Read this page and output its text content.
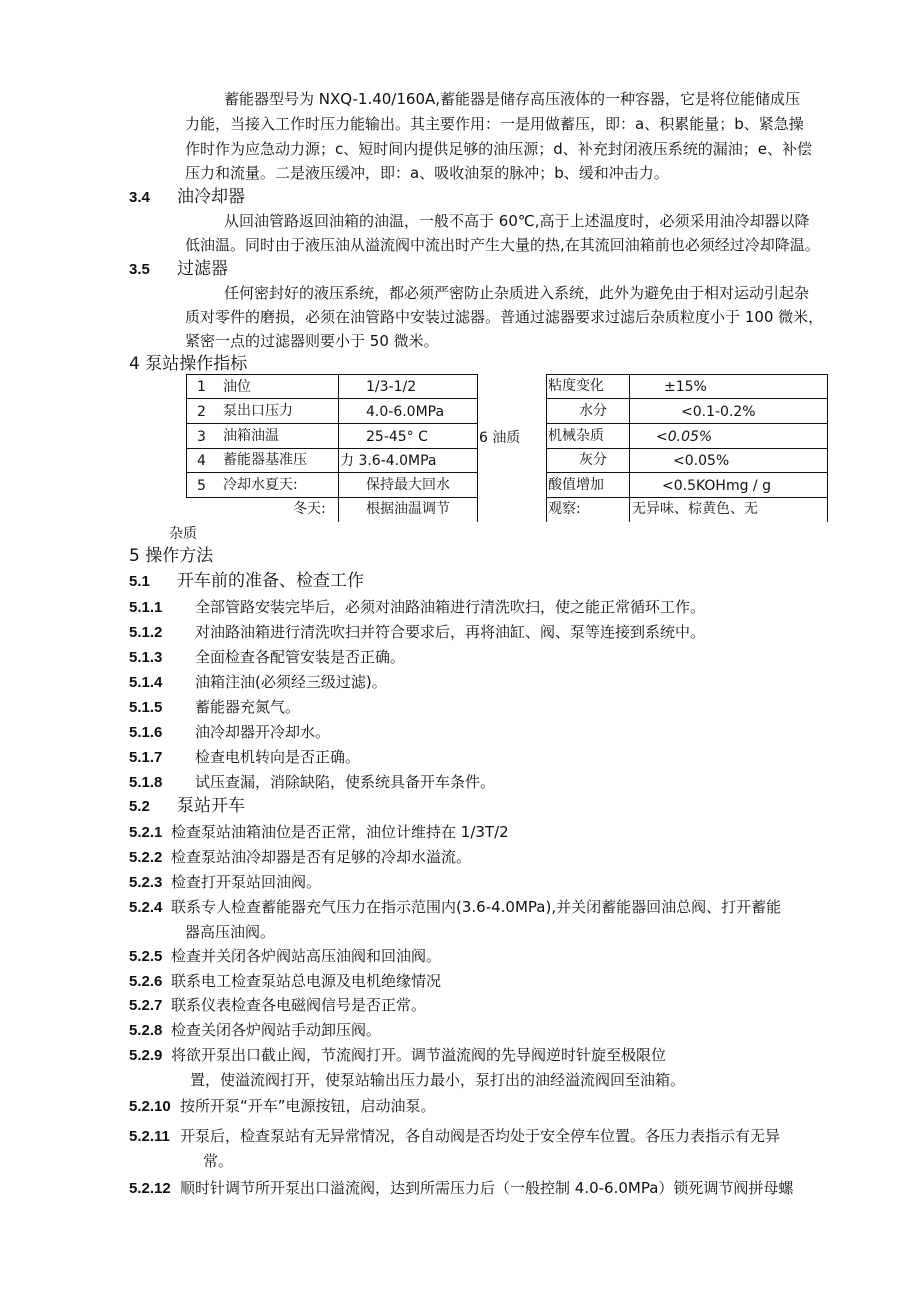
蓄能器型号为 NXQ-1.40/160A,蓄能器是储存高压液体的一种容器，它是将位能储成压
力能，当接入工作时压力能输出。其主要作用：一是用做蓄压，即：a、积累能量；b、紧急操
作时作为应急动力源；c、短时间内提供足够的油压源；d、补充封闭液压系统的漏油；e、补偿
压力和流量。二是液压缓冲，即：a、吸收油泵的脉冲；b、缓和冲击力。
3.4 油冷却器
从回油管路返回油箱的油温，一般不高于 60℃,高于上述温度时，必须采用油冷却器以降
低油温。同时由于液压油从溢流阀中流出时产生大量的热,在其流回油箱前也必须经过冷却降温。
3.5 过滤器
任何密封好的液压系统，都必须严密防止杂质进入系统，此外为避免由于相对运动引起杂
质对零件的磨损，必须在油管路中安装过滤器。普通过滤器要求过滤后杂质粒度小于 100 微米，
紧密一点的过滤器则要小于 50 微米。
4 泵站操作指标
1 油位	1/3-1/2	粘度变化	±15%
2 泵出口压力	4.0-6.0MPa	水分	<0.1-0.2%
3 油箱油温	25-45° C	机械杂质	<0.05%
6 油质
4 蓄能器基准压 力 3.6-4.0MPa	灰分	<0.05%
5 冷却水夏天:	保持最大回水	酸值增加	<0.5KOHmg / g
冬天:	根据油温调节	观察:	无异味、棕黄色、无
杂质
5 操作方法
5.1 开车前的准备、检查工作
5.1.1 全部管路安装完毕后，必须对油路油箱进行清洗吹扫，使之能正常循环工作。
5.1.2 对油路油箱进行清洗吹扫并符合要求后，再将油缸、阀、泵等连接到系统中。
5.1.3 全面检查各配管安装是否正确。
5.1.4 油箱注油(必须经三级过滤)。
5.1.5 蓄能器充氮气。
5.1.6 油冷却器开冷却水。
5.1.7 检查电机转向是否正确。
5.1.8 试压查漏，消除缺陷，使系统具备开车条件。
5.2 泵站开车
5.2.1 检查泵站油箱油位是否正常，油位计维持在 1/3T/2
5.2.2 检查泵站油冷却器是否有足够的冷却水溢流。
5.2.3 检查打开泵站回油阀。
5.2.4 联系专人检查蓄能器充气压力在指示范围内(3.6-4.0MPa),并关闭蓄能器回油总阀、打开蓄能
器高压油阀。
5.2.5 检查并关闭各炉阀站高压油阀和回油阀。
5.2.6 联系电工检查泵站总电源及电机绝缘情况
5.2.7 联系仪表检查各电磁阀信号是否正常。
5.2.8 检查关闭各炉阀站手动卸压阀。
5.2.9 将欲开泵出口截止阀，节流阀打开。调节溢流阀的先导阀逆时针旋至极限位
置，使溢流阀打开，使泵站输出压力最小，泵打出的油经溢流阀回至油箱。
5.2.10 按所开泵“开车”电源按钮，启动油泵。
5.2.11 开泵后，检查泵站有无异常情况，各自动阀是否均处于安全停车位置。各压力表指示有无异
常。
5.2.12 顺时针调节所开泵出口溢流阀，达到所需压力后（一般控制 4.0-6.0MPa）锁死调节阀拼母螺
